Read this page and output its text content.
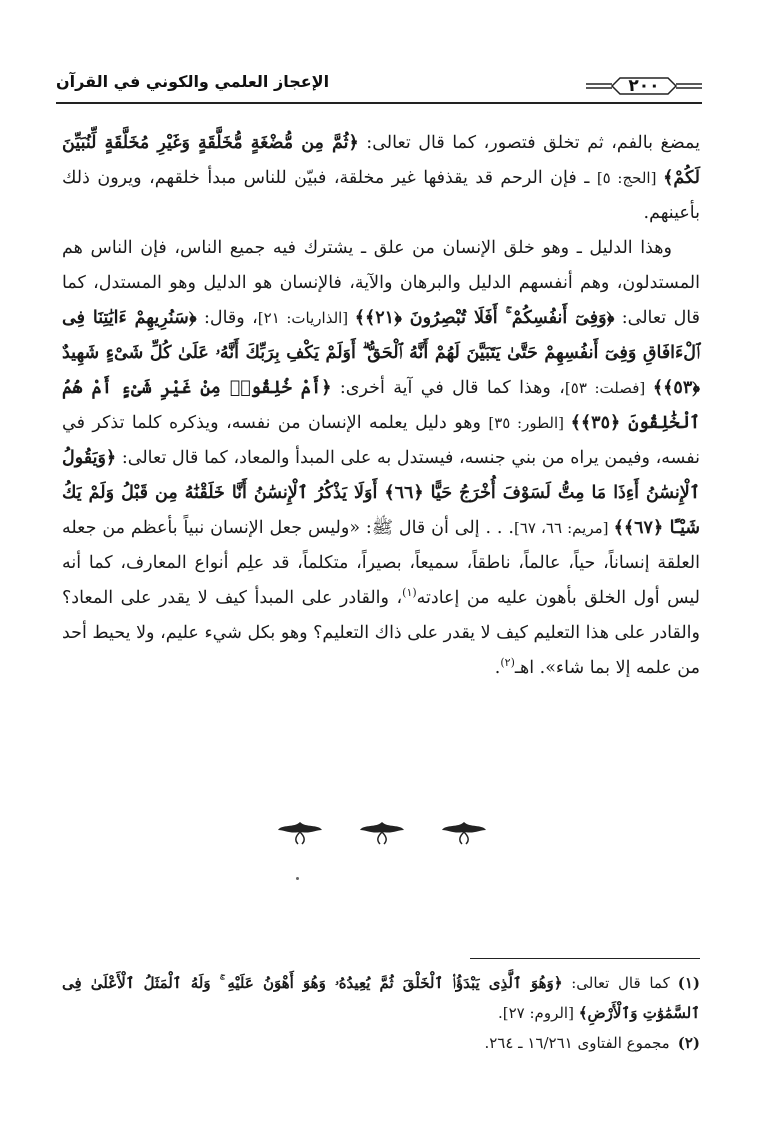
٢٠٠
الإعجاز العلمي والكوني في القرآن

يمضغ بالفم، ثم تخلق فتصور، كما قال تعالى: ﴿ثُمَّ مِن مُّضْغَةٍ مُّخَلَّقَةٍ وَغَيْرِ مُخَلَّقَةٍ لِّنُبَيِّنَ لَكُمْ﴾ [الحج: ٥] ـ فإن الرحم قد يقذفها غير مخلقة، فبيّن للناس مبدأ خلقهم، ويرون ذلك بأعينهم.

وهذا الدليل ـ وهو خلق الإنسان من علق ـ يشترك فيه جميع الناس، فإن الناس هم المستدلون، وهم أنفسهم الدليل والبرهان والآية، فالإنسان هو الدليل وهو المستدل، كما قال تعالى: ﴿وَفِىٓ أَنفُسِكُمْ ۚ أَفَلَا تُبْصِرُونَ ﴿٢١﴾﴾ [الذاريات: ٢١]، وقال: ﴿سَنُرِيهِمْ ءَايَٰتِنَا فِى ٱلْءَافَاقِ وَفِىٓ أَنفُسِهِمْ حَتَّىٰ يَتَبَيَّنَ لَهُمْ أَنَّهُ ٱلْحَقُّ ۗ أَوَلَمْ يَكْفِ بِرَبِّكَ أَنَّهُۥ عَلَىٰ كُلِّ شَىْءٍ شَهِيدٌ ﴿٥٣﴾﴾ [فصلت: ٥٣]، وهذا كما قال في آية أخرى: ﴿أَمْ خُلِقُوا۟ مِنْ غَيْرِ شَىْءٍ أَمْ هُمُ ٱلْخَٰلِقُونَ ﴿٣٥﴾﴾ [الطور: ٣٥] وهو دليل يعلمه الإنسان من نفسه، ويذكره كلما تذكر في نفسه، وفيمن يراه من بني جنسه، فيستدل به على المبدأ والمعاد، كما قال تعالى: ﴿وَيَقُولُ ٱلْإِنسَٰنُ أَءِذَا مَا مِتُّ لَسَوْفَ أُخْرَجُ حَيًّا ﴿٦٦﴾ أَوَلَا يَذْكُرُ ٱلْإِنسَٰنُ أَنَّا خَلَقْنَٰهُ مِن قَبْلُ وَلَمْ يَكُ شَيْـًٔا ﴿٦٧﴾﴾ [مريم: ٦٦، ٦٧]. . . إلى أن قال ﷺ: «وليس جعل الإنسان نبياً بأعظم من جعله العلقة إنساناً، حياً، عالماً، ناطقاً، سميعاً، بصيراً، متكلماً، قد علِم أنواع المعارف، كما أنه ليس أول الخلق بأهون عليه من إعادته$^{(١)}$، والقادر على المبدأ كيف لا يقدر على المعاد؟ والقادر على هذا التعليم كيف لا يقدر على ذاك التعليم؟ وهو بكل شيء عليم، ولا يحيط أحد من علمه إلا بما شاء». اهـ$^{(٢)}$.

(١)كما قال تعالى: ﴿وَهُوَ ٱلَّذِى يَبْدَؤُا۟ ٱلْخَلْقَ ثُمَّ يُعِيدُهُۥ وَهُوَ أَهْوَنُ عَلَيْهِ ۚ وَلَهُ ٱلْمَثَلُ ٱلْأَعْلَىٰ فِى ٱلسَّمَٰوَٰتِ وَٱلْأَرْضِ﴾ [الروم: ٢٧].

(٢)مجموع الفتاوى ١٦/٢٦١ ـ ٢٦٤.
